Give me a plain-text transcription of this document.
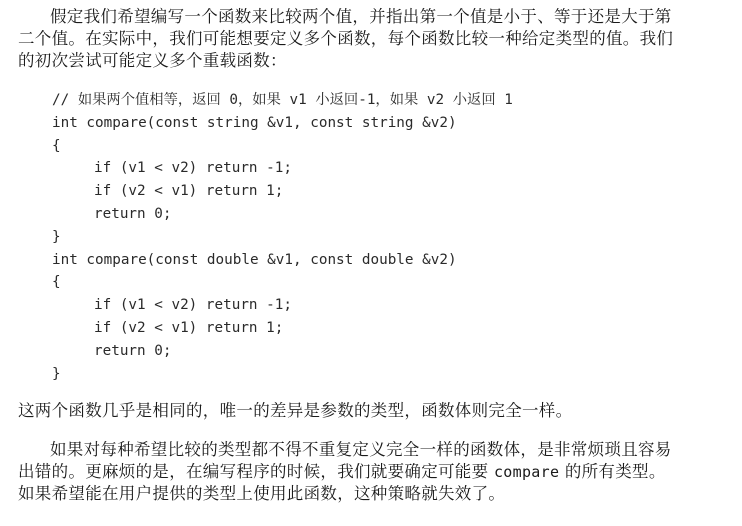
假定我们希望编写一个函数来比较两个值，并指出第一个值是小于、等于还是大于第
二个值。在实际中，我们可能想要定义多个函数，每个函数比较一种给定类型的值。我们
的初次尝试可能定义多个重载函数：

// 如果两个值相等，返回 0，如果 v1 小返回-1，如果 v2 小返回 1
int compare(const string &v1, const string &v2)
{
if (v1 < v2) return -1;
if (v2 < v1) return 1;
return 0;
}
int compare(const double &v1, const double &v2)
{
if (v1 < v2) return -1;
if (v2 < v1) return 1;
return 0;
}

这两个函数几乎是相同的，唯一的差异是参数的类型，函数体则完全一样。

如果对每种希望比较的类型都不得不重复定义完全一样的函数体，是非常烦琐且容易
出错的。更麻烦的是，在编写程序的时候，我们就要确定可能要 compare 的所有类型。
如果希望能在用户提供的类型上使用此函数，这种策略就失效了。
